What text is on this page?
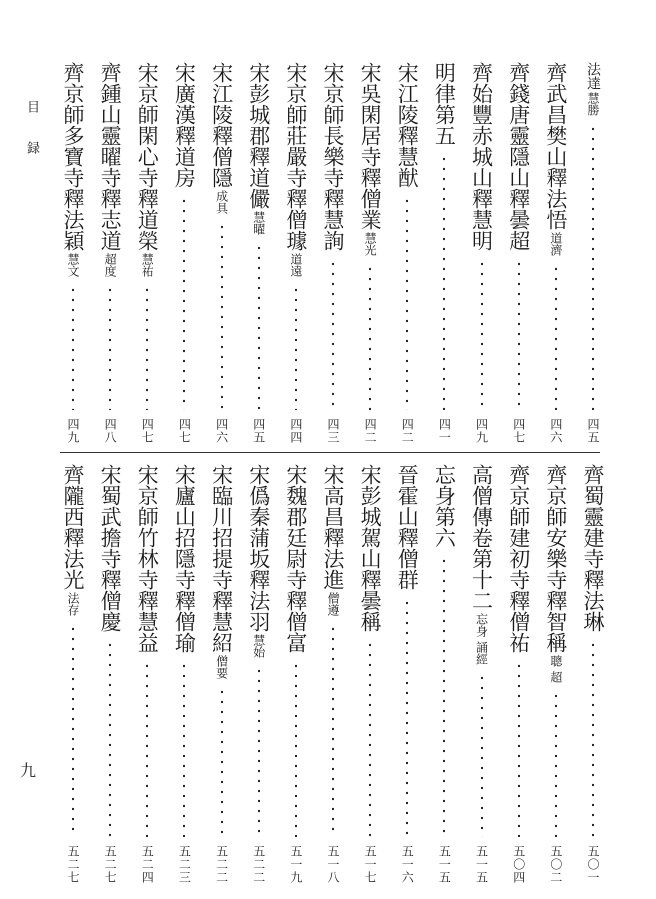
目 録
九
法達
慧勝
四五
齊武昌樊山釋法悟
道濟
四六
齊錢唐靈隱山釋曇超
四七
齊始豐赤城山釋慧明
四九
明律第五
四一
宋江陵釋慧猷
四二
宋吳閑居寺釋僧業
慧光
四二
宋京師長樂寺釋慧詢
四三
宋京師莊嚴寺釋僧璩
道遠
四四
宋彭城郡釋道儼
慧曜
四五
宋江陵釋僧隱
成具
四六
宋廣漢釋道房
四七
宋京師閑心寺釋道榮
慧祐
四七
齊鍾山靈曜寺釋志道
超度
四八
齊京師多寶寺釋法穎
慧文
四九
齊蜀靈建寺釋法琳
五〇一
齊京師安樂寺釋智稱
聰 超
五〇二
齊京師建初寺釋僧祐
五〇四
高僧傳卷第十二
忘身 誦經
五一五
忘身第六
五一五
晉霍山釋僧群
五一六
宋彭城駕山釋曇稱
五一七
宋高昌釋法進
僧遵
五一八
宋魏郡廷尉寺釋僧富
五一九
宋僞秦蒲坂釋法羽
慧始
五二二
宋臨川招提寺釋慧紹
僧要
五二二
宋廬山招隱寺釋僧瑜
五二三
宋京師竹林寺釋慧益
五二四
宋蜀武擔寺釋僧慶
五二七
齊隴西釋法光
法存
五二七
